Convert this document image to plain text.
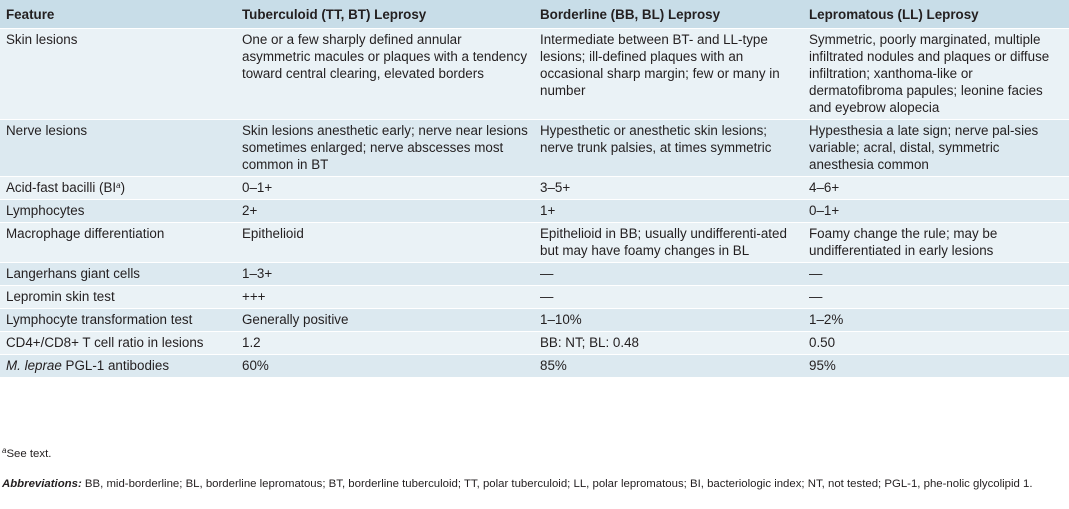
Feature	Tuberculoid (TT, BT) Leprosy	Borderline (BB, BL) Leprosy	Lepromatous (LL) Leprosy
Skin lesions	One or a few sharply defined annular asymmetric macules or plaques with a tendency toward central clearing, elevated borders	Intermediate between BT- and LL-type lesions; ill-defined plaques with an occasional sharp margin; few or many in number	Symmetric, poorly marginated, multiple infiltrated nodules and plaques or diffuse infiltration; xanthoma-like or dermatofibroma papules; leonine facies and eyebrow alopecia
Nerve lesions	Skin lesions anesthetic early; nerve near lesions sometimes enlarged; nerve abscesses most common in BT	Hypesthetic or anesthetic skin lesions; nerve trunk palsies, at times symmetric	Hypesthesia a late sign; nerve pal-sies variable; acral, distal, symmetric anesthesia common
Acid-fast bacilli $(BI^a)$	0–1+	3–5+	4–6+
Lymphocytes	2+	1+	0–1+
Macrophage differentiation	Epithelioid	Epithelioid in BB; usually undifferenti-ated but may have foamy changes in BL	Foamy change the rule; may be undifferentiated in early lesions
Langerhans giant cells	1–3+	—	—
Lepromin skin test	+++	—	—
Lymphocyte transformation test	Generally positive	1–10%	1–2%
CD4+/CD8+ T cell ratio in lesions	1.2	BB: NT; BL: 0.48	0.50
M. leprae PGL-1 antibodies	60%	85%	95%
$^a$See text.
Abbreviations: BB, mid-borderline; BL, borderline lepromatous; BT, borderline tuberculoid; TT, polar tuberculoid; LL, polar lepromatous; BI, bacteriologic index; NT, not tested; PGL-1, phe-nolic glycolipid 1.
